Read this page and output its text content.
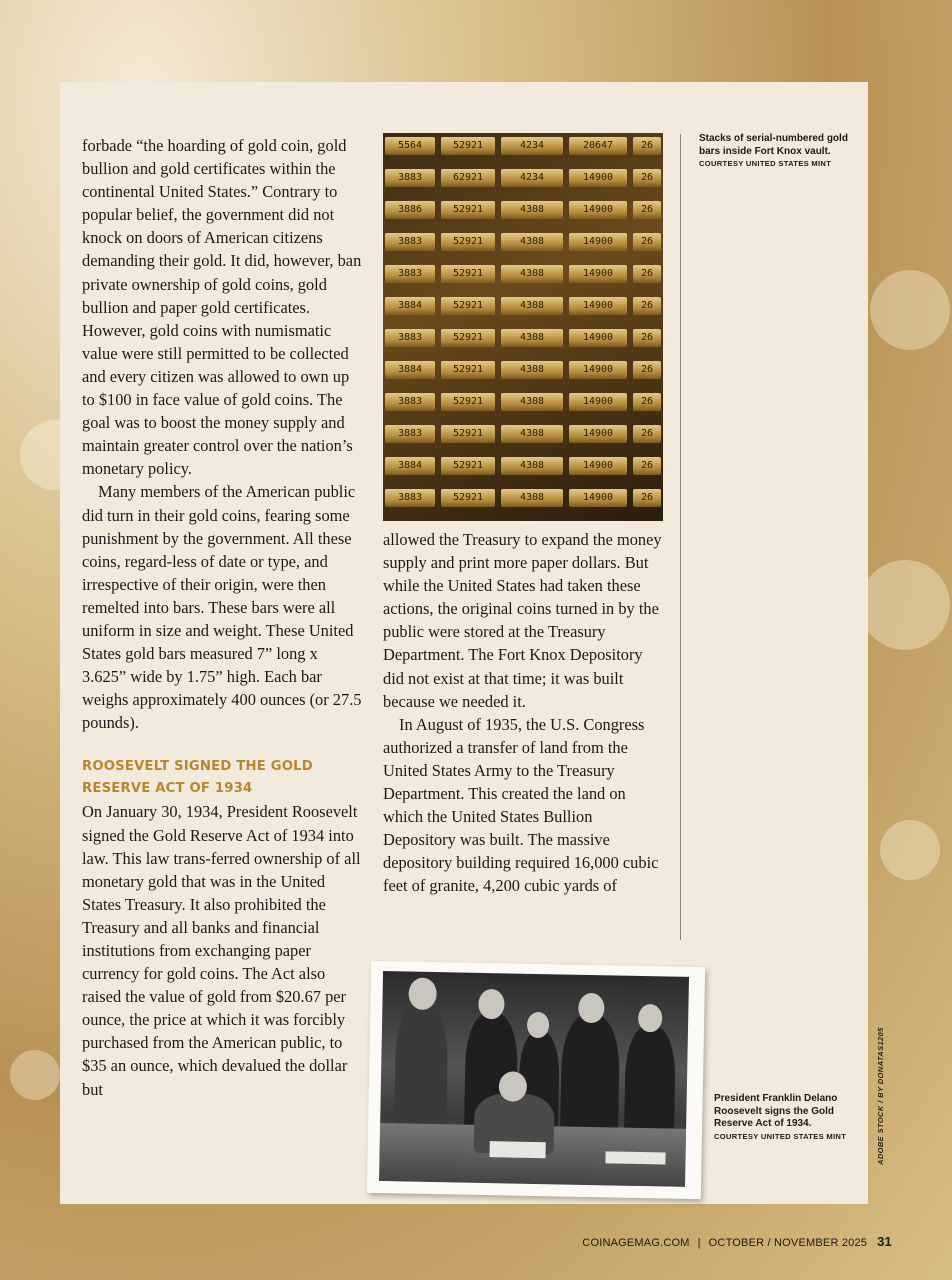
forbade “the hoarding of gold coin, gold bullion and gold certificates within the continental United States.” Contrary to popular belief, the government did not knock on doors of American citizens demanding their gold. It did, however, ban private ownership of gold coins, gold bullion and paper gold certificates. However, gold coins with numismatic value were still permitted to be collected and every citizen was allowed to own up to $100 in face value of gold coins. The goal was to boost the money supply and maintain greater control over the nation’s monetary policy.

Many members of the American public did turn in their gold coins, fearing some punishment by the government. All these coins, regard-less of date or type, and irrespective of their origin, were then remelted into bars. These bars were all uniform in size and weight. These United States gold bars measured 7” long x 3.625” wide by 1.75” high. Each bar weighs approximately 400 ounces (or 27.5 pounds).

ROOSEVELT SIGNED THE GOLD RESERVE ACT OF 1934

On January 30, 1934, President Roosevelt signed the Gold Reserve Act of 1934 into law. This law trans-ferred ownership of all monetary gold that was in the United States Treasury. It also prohibited the Treasury and all banks and financial institutions from exchanging paper currency for gold coins. The Act also raised the value of gold from $20.67 per ounce, the price at which it was forcibly purchased from the American public, to $35 an ounce, which devalued the dollar but

5564
3883
3886
3883
3883
3884
3883
3884
3883
3883
3884
3883
52921
62921
52921
52921
52921
52921
52921
52921
52921
52921
52921
52921
4234
4234
4308
4308
4308
4308
4308
4308
4308
4308
4308
4308
20647
14900
14900
14900
14900
14900
14900
14900
14900
14900
14900
14900
26
26
26
26
26
26
26
26
26
26
26
26

allowed the Treasury to expand the money supply and print more paper dollars. But while the United States had taken these actions, the original coins turned in by the public were stored at the Treasury Department. The Fort Knox Depository did not exist at that time; it was built because we needed it.

In August of 1935, the U.S. Congress authorized a transfer of land from the United States Army to the Treasury Department. This created the land on which the United States Bullion Depository was built. The massive depository building required 16,000 cubic feet of granite, 4,200 cubic yards of

Stacks of serial-numbered gold bars inside Fort Knox vault.
COURTESY UNITED STATES MINT
President Franklin Delano Roosevelt signs the Gold Reserve Act of 1934.
COURTESY UNITED STATES MINT	ADOBE STOCK / BY DONATAS1205
COINAGEMAG.COM | OCTOBER / NOVEMBER 2025 31
